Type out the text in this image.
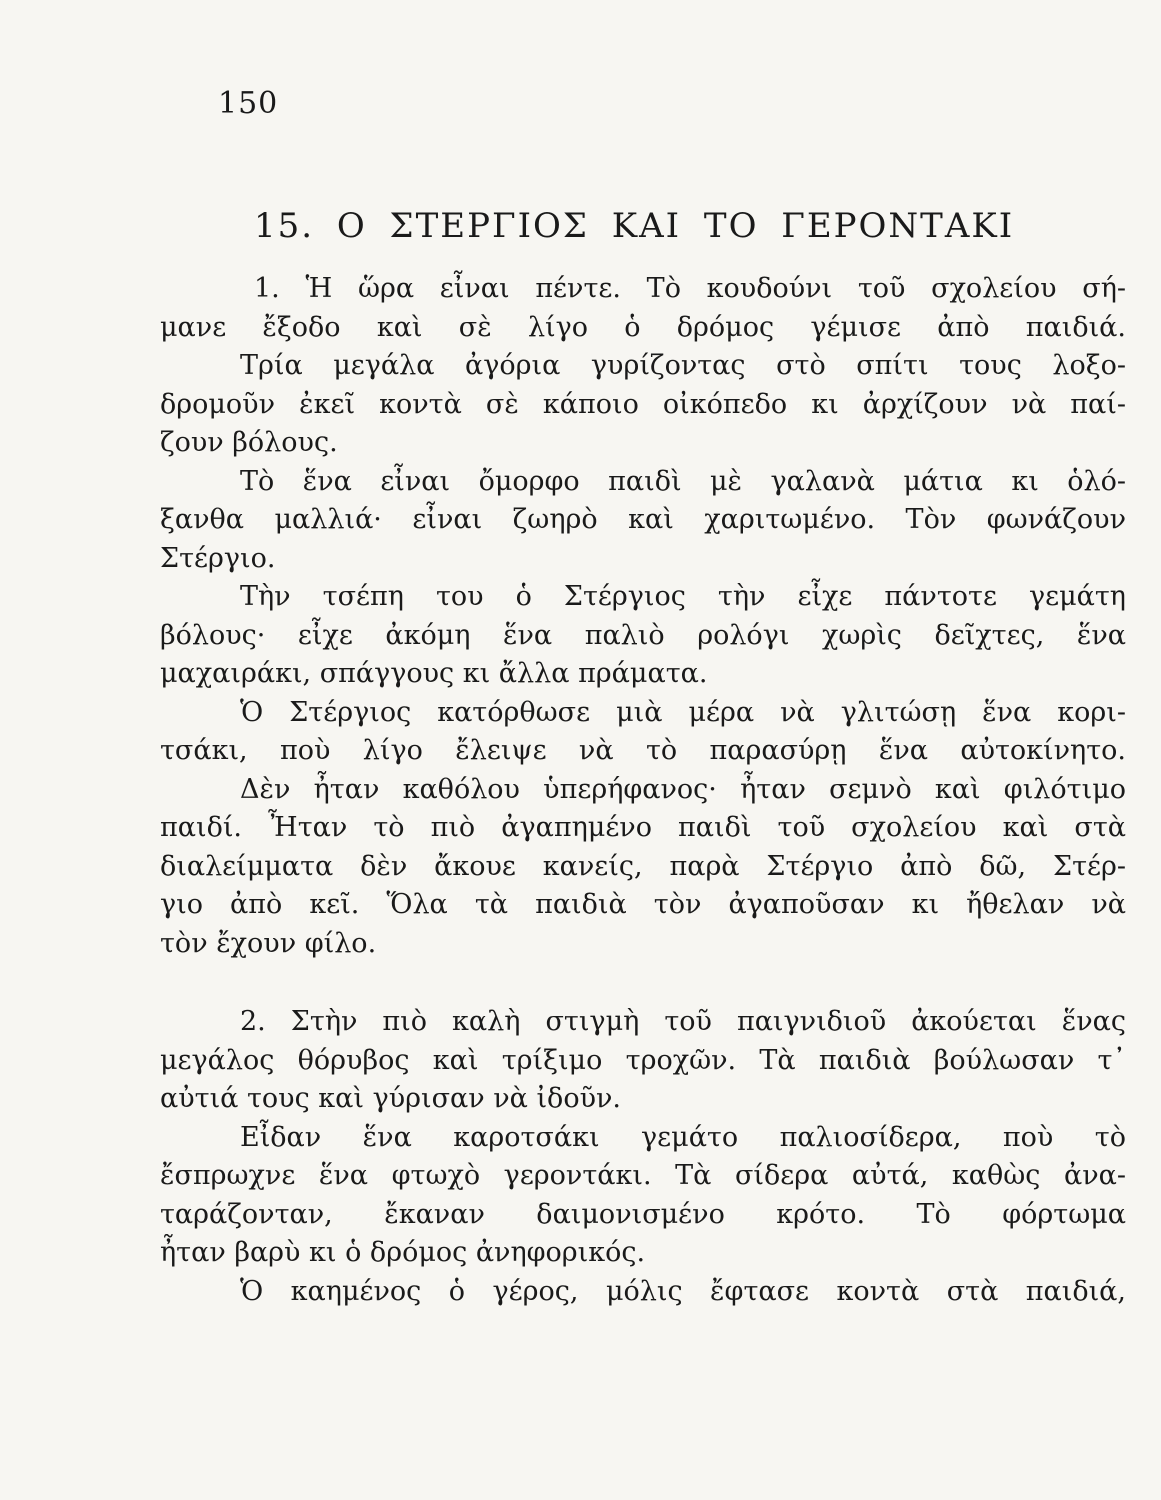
150
15. Ο ΣΤΕΡΓΙΟΣ ΚΑΙ ΤΟ ΓΕΡΟΝΤΑΚΙ
1. Ἡ ὥρα εἶναι πέντε. Τὸ κουδούνι τοῦ σχολείου σή-
μανε ἔξοδο καὶ σὲ λίγο ὁ δρόμος γέμισε ἀπὸ παιδιά.
Τρία μεγάλα ἀγόρια γυρίζοντας στὸ σπίτι τους λοξο-
δρομοῦν ἐκεῖ κοντὰ σὲ κάποιο οἰκόπεδο κι ἀρχίζουν νὰ παί-
ζουν βόλους.
Τὸ ἕνα εἶναι ὄμορφο παιδὶ μὲ γαλανὰ μάτια κι ὁλό-
ξανθα μαλλιά· εἶναι ζωηρὸ καὶ χαριτωμένο. Τὸν φωνάζουν
Στέργιο.
Τὴν τσέπη του ὁ Στέργιος τὴν εἶχε πάντοτε γεμάτη
βόλους· εἶχε ἀκόμη ἕνα παλιὸ ρολόγι χωρὶς δεῖχτες, ἕνα
μαχαιράκι, σπάγγους κι ἄλλα πράματα.
Ὁ Στέργιος κατόρθωσε μιὰ μέρα νὰ γλιτώσῃ ἕνα κορι-
τσάκι, ποὺ λίγο ἔλειψε νὰ τὸ παρασύρῃ ἕνα αὐτοκίνητο.
Δὲν ἦταν καθόλου ὑπερήφανος· ἦταν σεμνὸ καὶ φιλότιμο
παιδί. Ἦταν τὸ πιὸ ἀγαπημένο παιδὶ τοῦ σχολείου καὶ στὰ
διαλείμματα δὲν ἄκουε κανείς, παρὰ Στέργιο ἀπὸ δῶ, Στέρ-
γιο ἀπὸ κεῖ. Ὅλα τὰ παιδιὰ τὸν ἀγαποῦσαν κι ἤθελαν νὰ
τὸν ἔχουν φίλο.
2. Στὴν πιὸ καλὴ στιγμὴ τοῦ παιγνιδιοῦ ἀκούεται ἕνας
μεγάλος θόρυβος καὶ τρίξιμο τροχῶν. Τὰ παιδιὰ βούλωσαν τ᾿
αὐτιά τους καὶ γύρισαν νὰ ἰδοῦν.
Εἶδαν ἕνα καροτσάκι γεμάτο παλιοσίδερα, ποὺ τὸ
ἔσπρωχνε ἕνα φτωχὸ γεροντάκι. Τὰ σίδερα αὐτά, καθὼς ἀνα-
ταράζονταν, ἔκαναν δαιμονισμένο κρότο. Τὸ φόρτωμα
ἦταν βαρὺ κι ὁ δρόμος ἀνηφορικός.
Ὁ καημένος ὁ γέρος, μόλις ἔφτασε κοντὰ στὰ παιδιά,
